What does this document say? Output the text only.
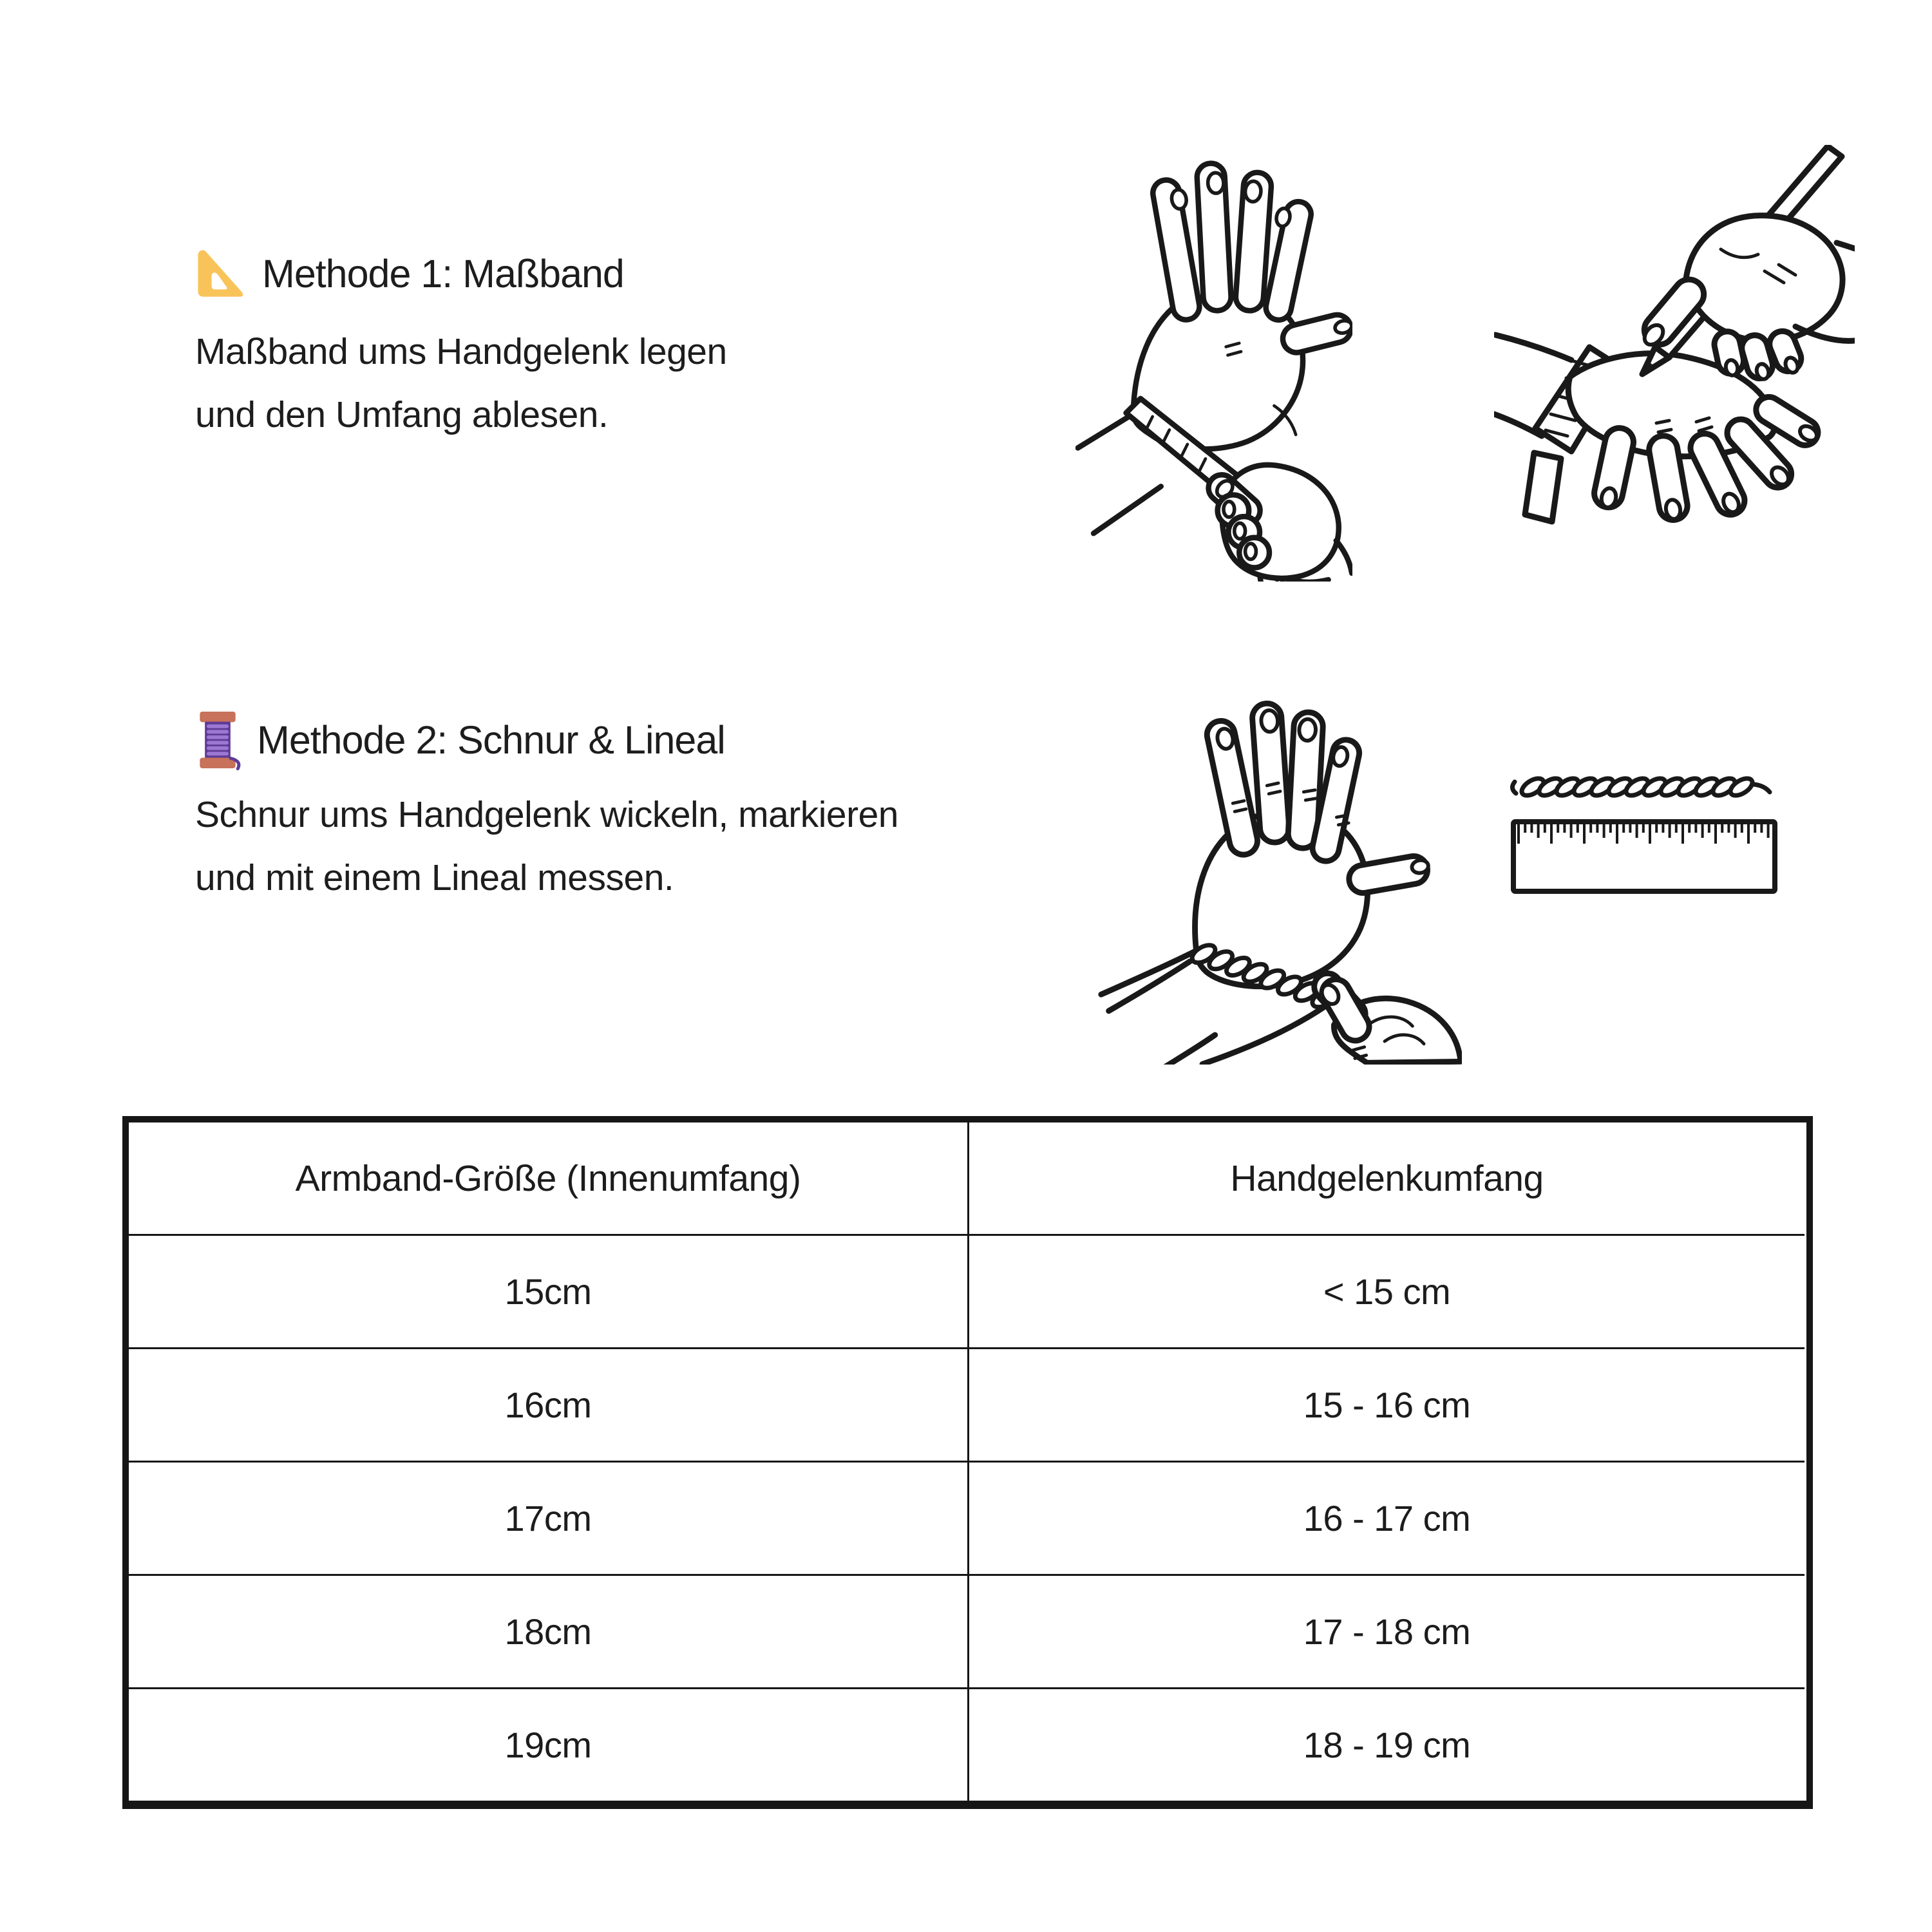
Methode 1: Maßband
Maßband ums Handgelenk legen
und den Umfang ablesen.
Methode 2: Schnur & Lineal
Schnur ums Handgelenk wickeln, markieren
und mit einem Lineal messen.
Armband-Größe (Innenumfang)	Handgelenkumfang
15cm	< 15 cm
16cm	15 - 16 cm
17cm	16 - 17 cm
18cm	17 - 18 cm
19cm	18 - 19 cm
